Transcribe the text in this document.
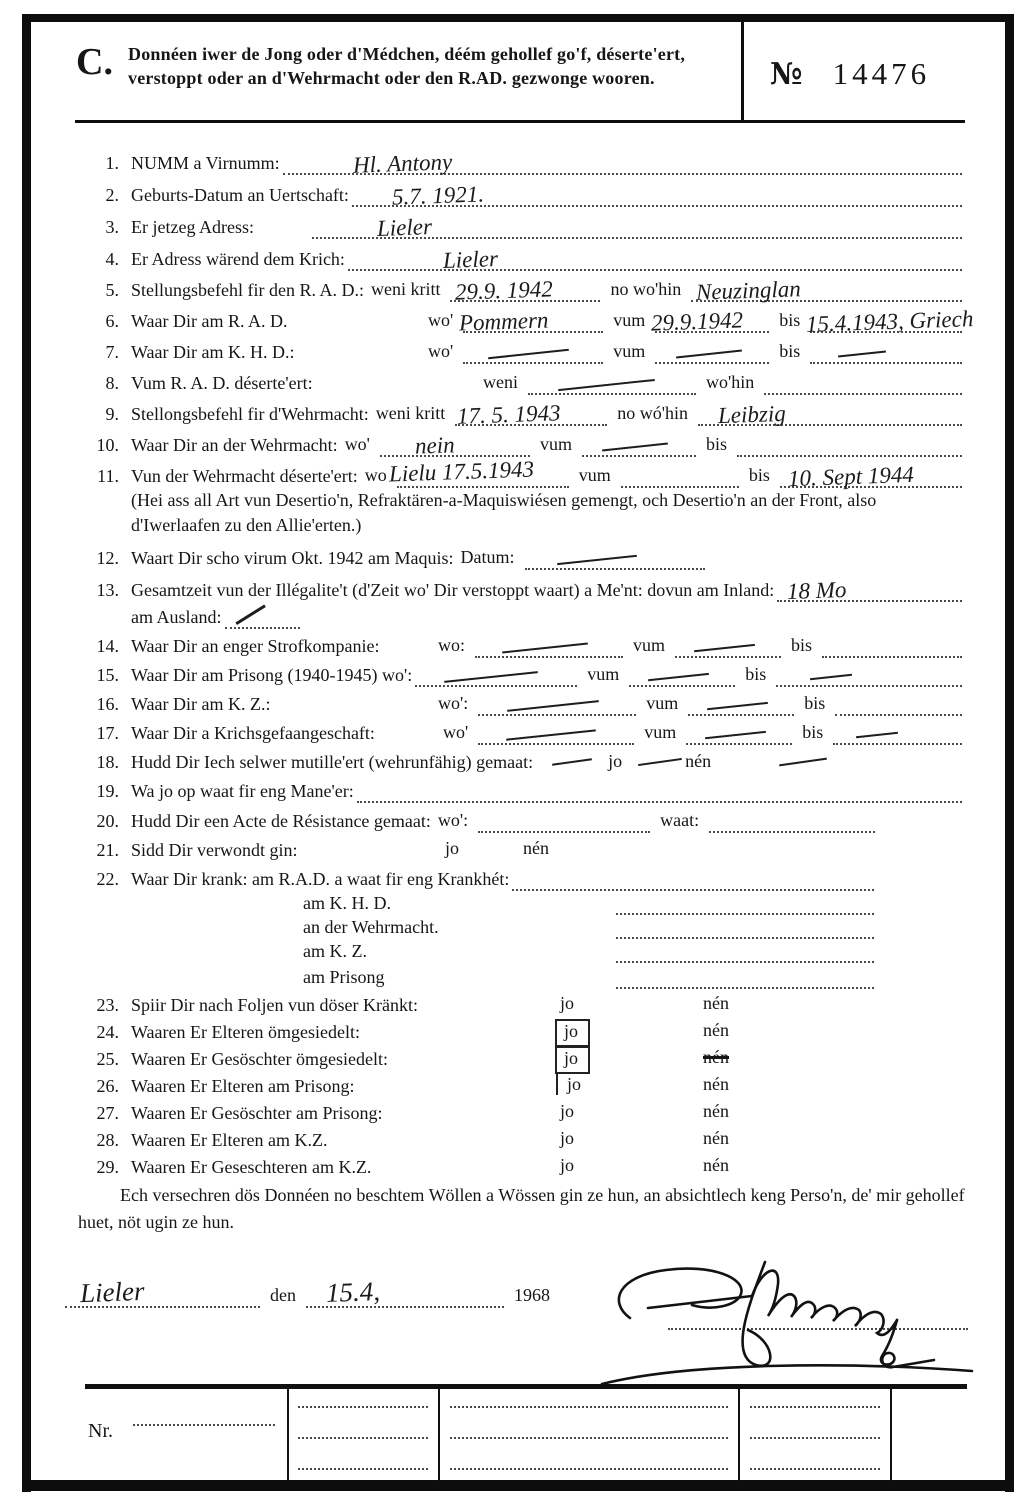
C. Donnéen iwer de Jong oder d'Médchen, déém gehollef go'f, déserte'ert, verstoppt oder an d'Wehrmacht oder den R.AD. gezwonge wooren.	№ 14476
1. NUMM a Virnumm:	Hl. Antony
2. Geburts-Datum an Uertschaft: 5.7. 1921.
3. Er jetzeg Adress:	Lieler
4. Er Adress wärend dem Krich:	Lieler
5. Stellungsbefehl fir den R. A. D.: weni kritt 29.9. 1942	no wo'hin Neuzinglan
6. Waar Dir am R. A. D.	wo' Pommern	vum 29.9.1942 bis 15.4.1943, Griech
7. Waar Dir am K. H. D.:	wo'	vum	bis
8. Vum R. A. D. déserte'ert:	weni	wo'hin
9. Stellongsbefehl fir d'Wehrmacht: weni kritt 17. 5. 1943	no wó'hin Leibzig
10. Waar Dir an der Wehrmacht: wo' nein	vum	bis
11. Vun der Wehrmacht déserte'ert: wo Lielu 17.5.1943 vum	bis 10. Sept 1944
(Hei ass all Art vun Desertio'n, Refraktären-a-Maquiswiésen gemengt, och Desertio'n an der Front, also d'Iwerlaafen zu den Allie'erten.)
12. Waart Dir scho virum Okt. 1942 am Maquis: Datum:
13. Gesamtzeit vun der Illégalite't (d'Zeit wo' Dir verstoppt waart) a Me'nt: dovun am Inland: 18 Mo
am Ausland:
14. Waar Dir an enger Strofkompanie:	wo:	vum	bis
15. Waar Dir am Prisong (1940-1945) wo':	vum	bis
16. Waar Dir am K. Z.:	wo':	vum	bis
17. Waar Dir a Krichsgefaangeschaft:	wo'	vum	bis
18. Hudd Dir Iech selwer mutille'ert (wehrunfähig) gemaat:	jo	nén
19. Wa jo op waat fir eng Mane'er:
20. Hudd Dir een Acte de Résistance gemaat: wo':	waat:
21. Sidd Dir verwondt gin:	jo	nén
22. Waar Dir krank: am R.A.D. a waat fir eng Krankhét:
am K. H. D.
an der Wehrmacht.
am K. Z.
am Prisong
23. Spiir Dir nach Foljen vun döser Kränkt:	jo	nén
24. Waaren Er Elteren ömgesiedelt:	jo	nén
25. Waaren Er Gesöschter ömgesiedelt:	jo	nén
26. Waaren Er Elteren am Prisong:	jo	nén
27. Waaren Er Gesöschter am Prisong:	jo	nén
28. Waaren Er Elteren am K.Z.	jo	nén
29. Waaren Er Geseschteren am K.Z.	jo	nén
Ech versechren dös Donnéen no beschtem Wöllen a Wössen gin ze hun, an absichtlech keng Perso'n, de' mir gehollef huet, nöt ugin ze hun.
Lieler	den 15.4,	1968
Nr.
